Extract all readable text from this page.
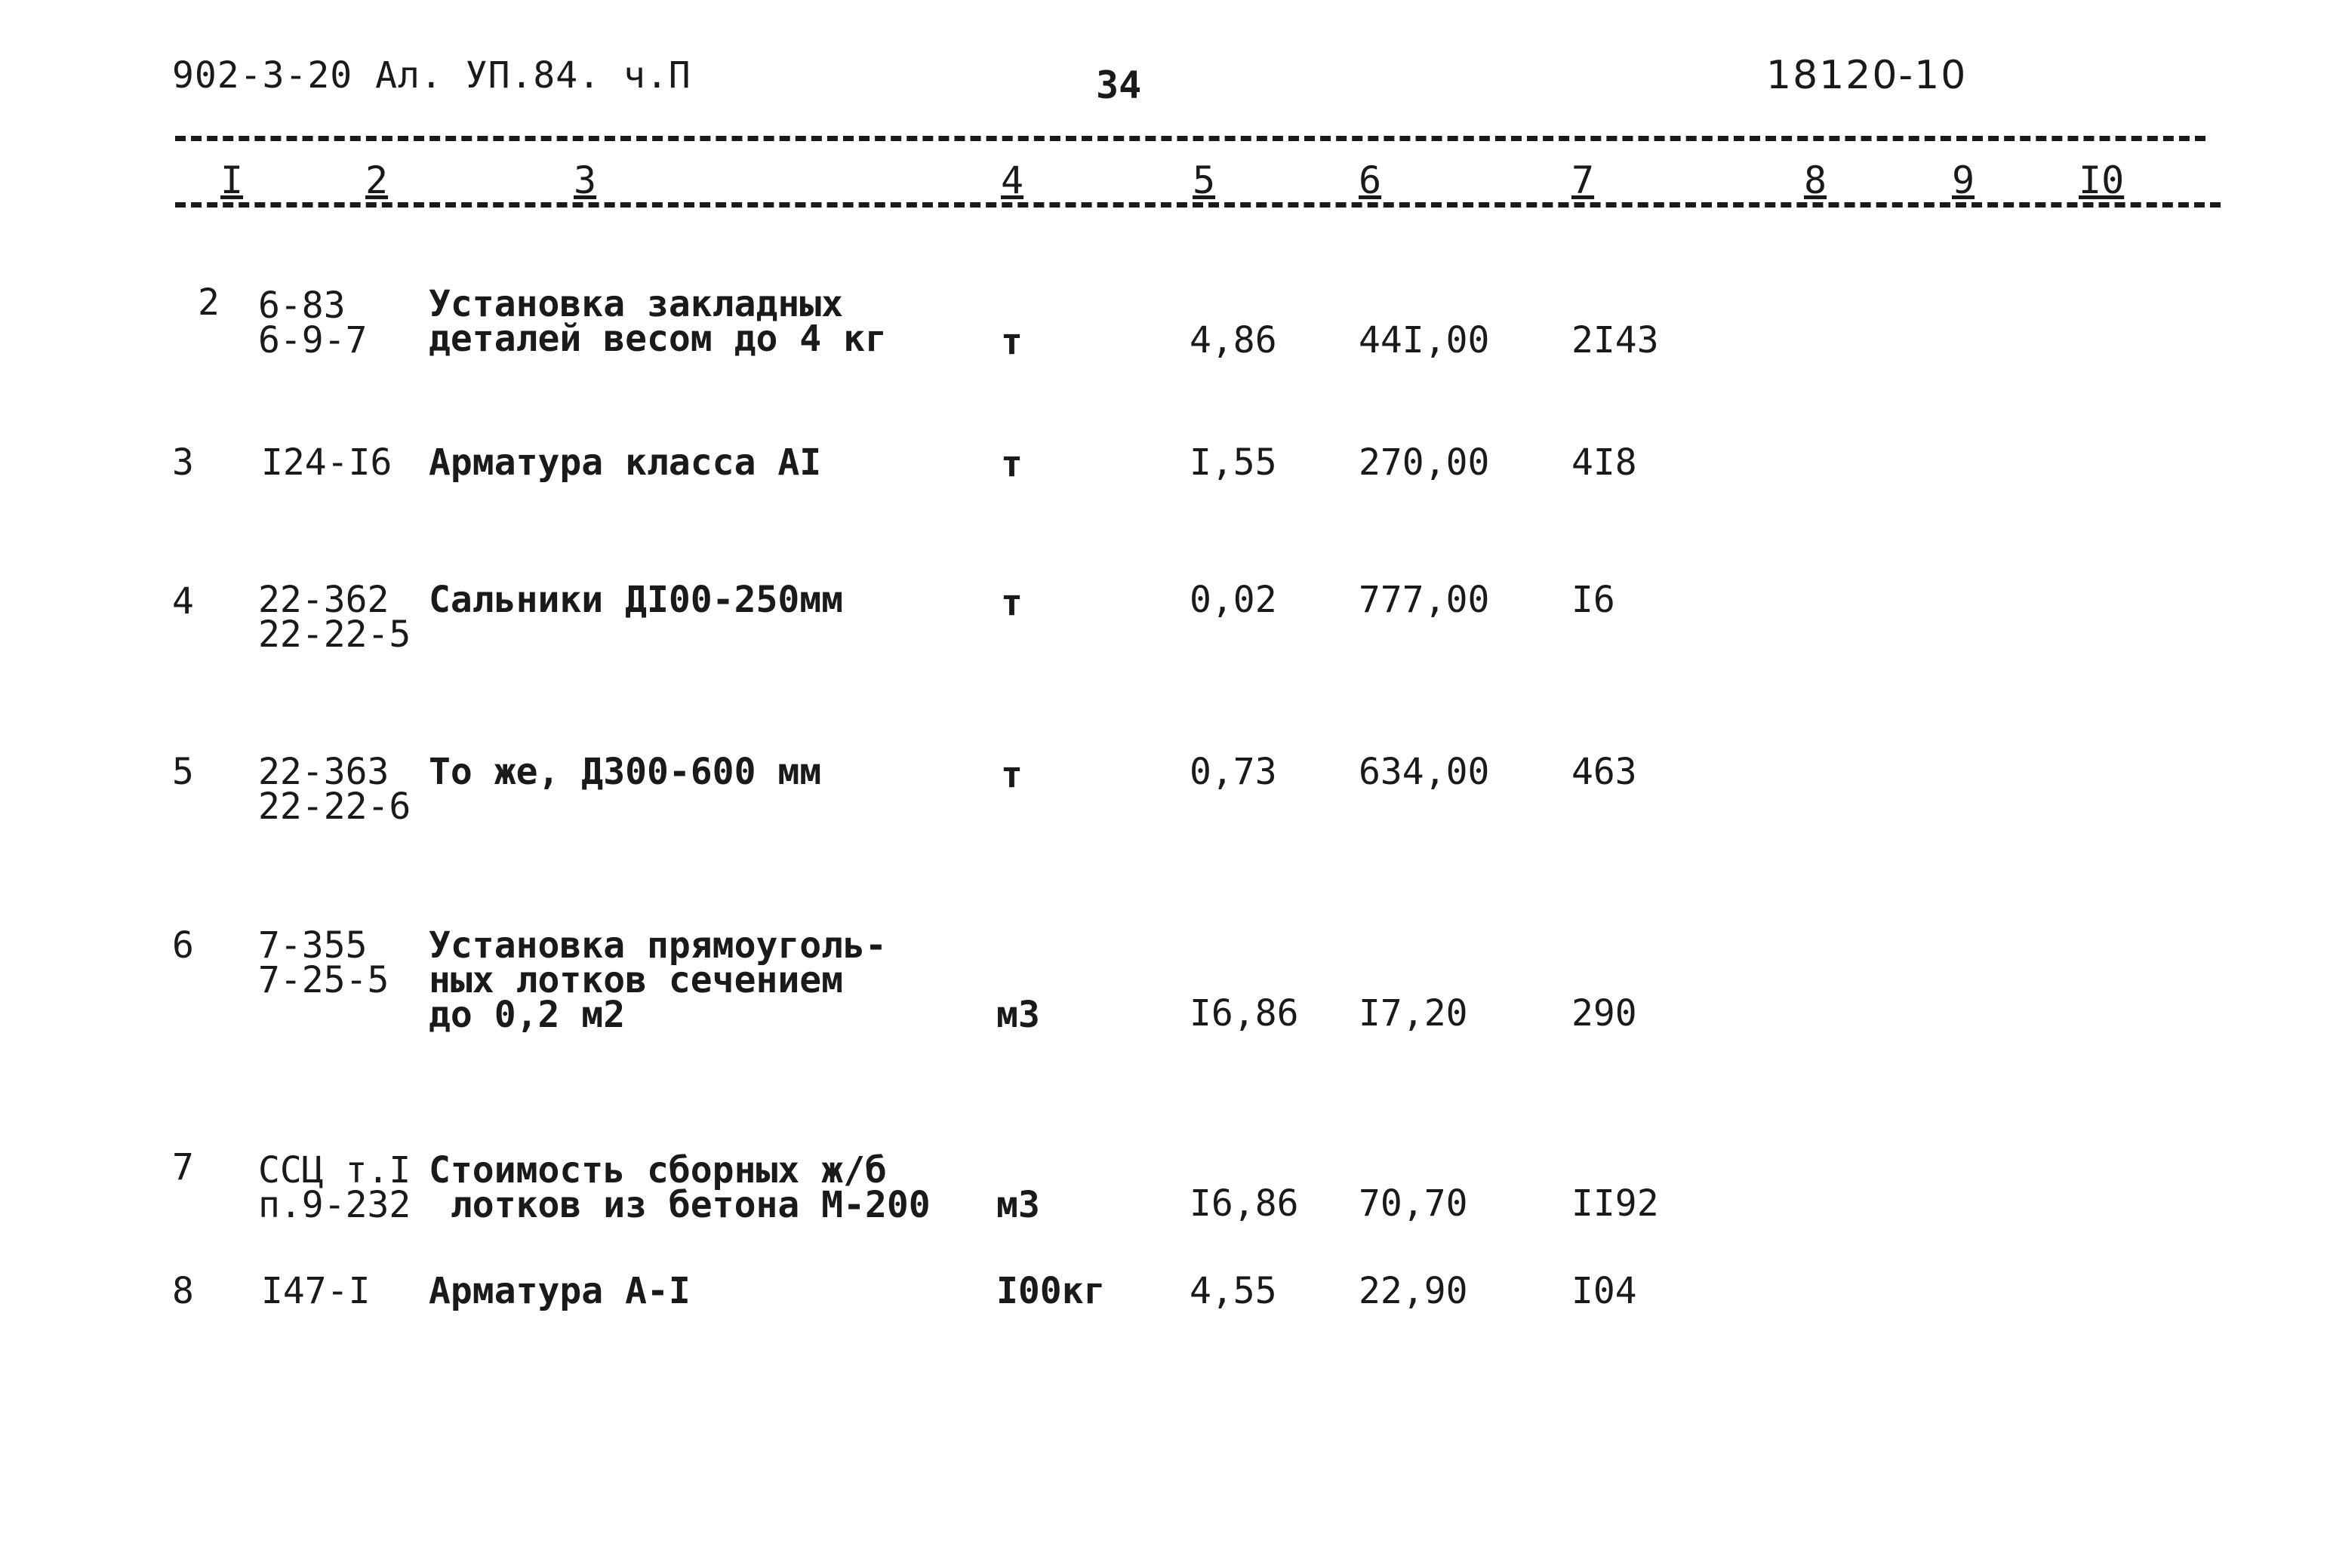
902-3-20 Ал. УП.84. ч.П	34	18120-10
I	2	3	4	5	6	7	8	9	I0
2 6-83
6-9-7
Установка закладных
деталей весом до 4 кг	т	4,86 44I,00 2I43
3 I24-I6 Арматура класса AI	т	I,55 270,00 4I8
4 22-362
22-22-5
Сальники ДI00-250мм	т	0,02 777,00 I6
5 22-363
22-22-6
То же, Д300-600 мм	т	0,73 634,00 463
6 7-355
7-25-5
Установка прямоуголь-
ных лотков сечением
до 0,2 м2	м3	I6,86 I7,20	290
7 ССЦ т.I
п.9-232
Стоимость сборных ж/б
лотков из бетона М-200 м3	I6,86 70,70	II92
8 I47-I Арматура А-I	I00кг 4,55 22,90	I04
